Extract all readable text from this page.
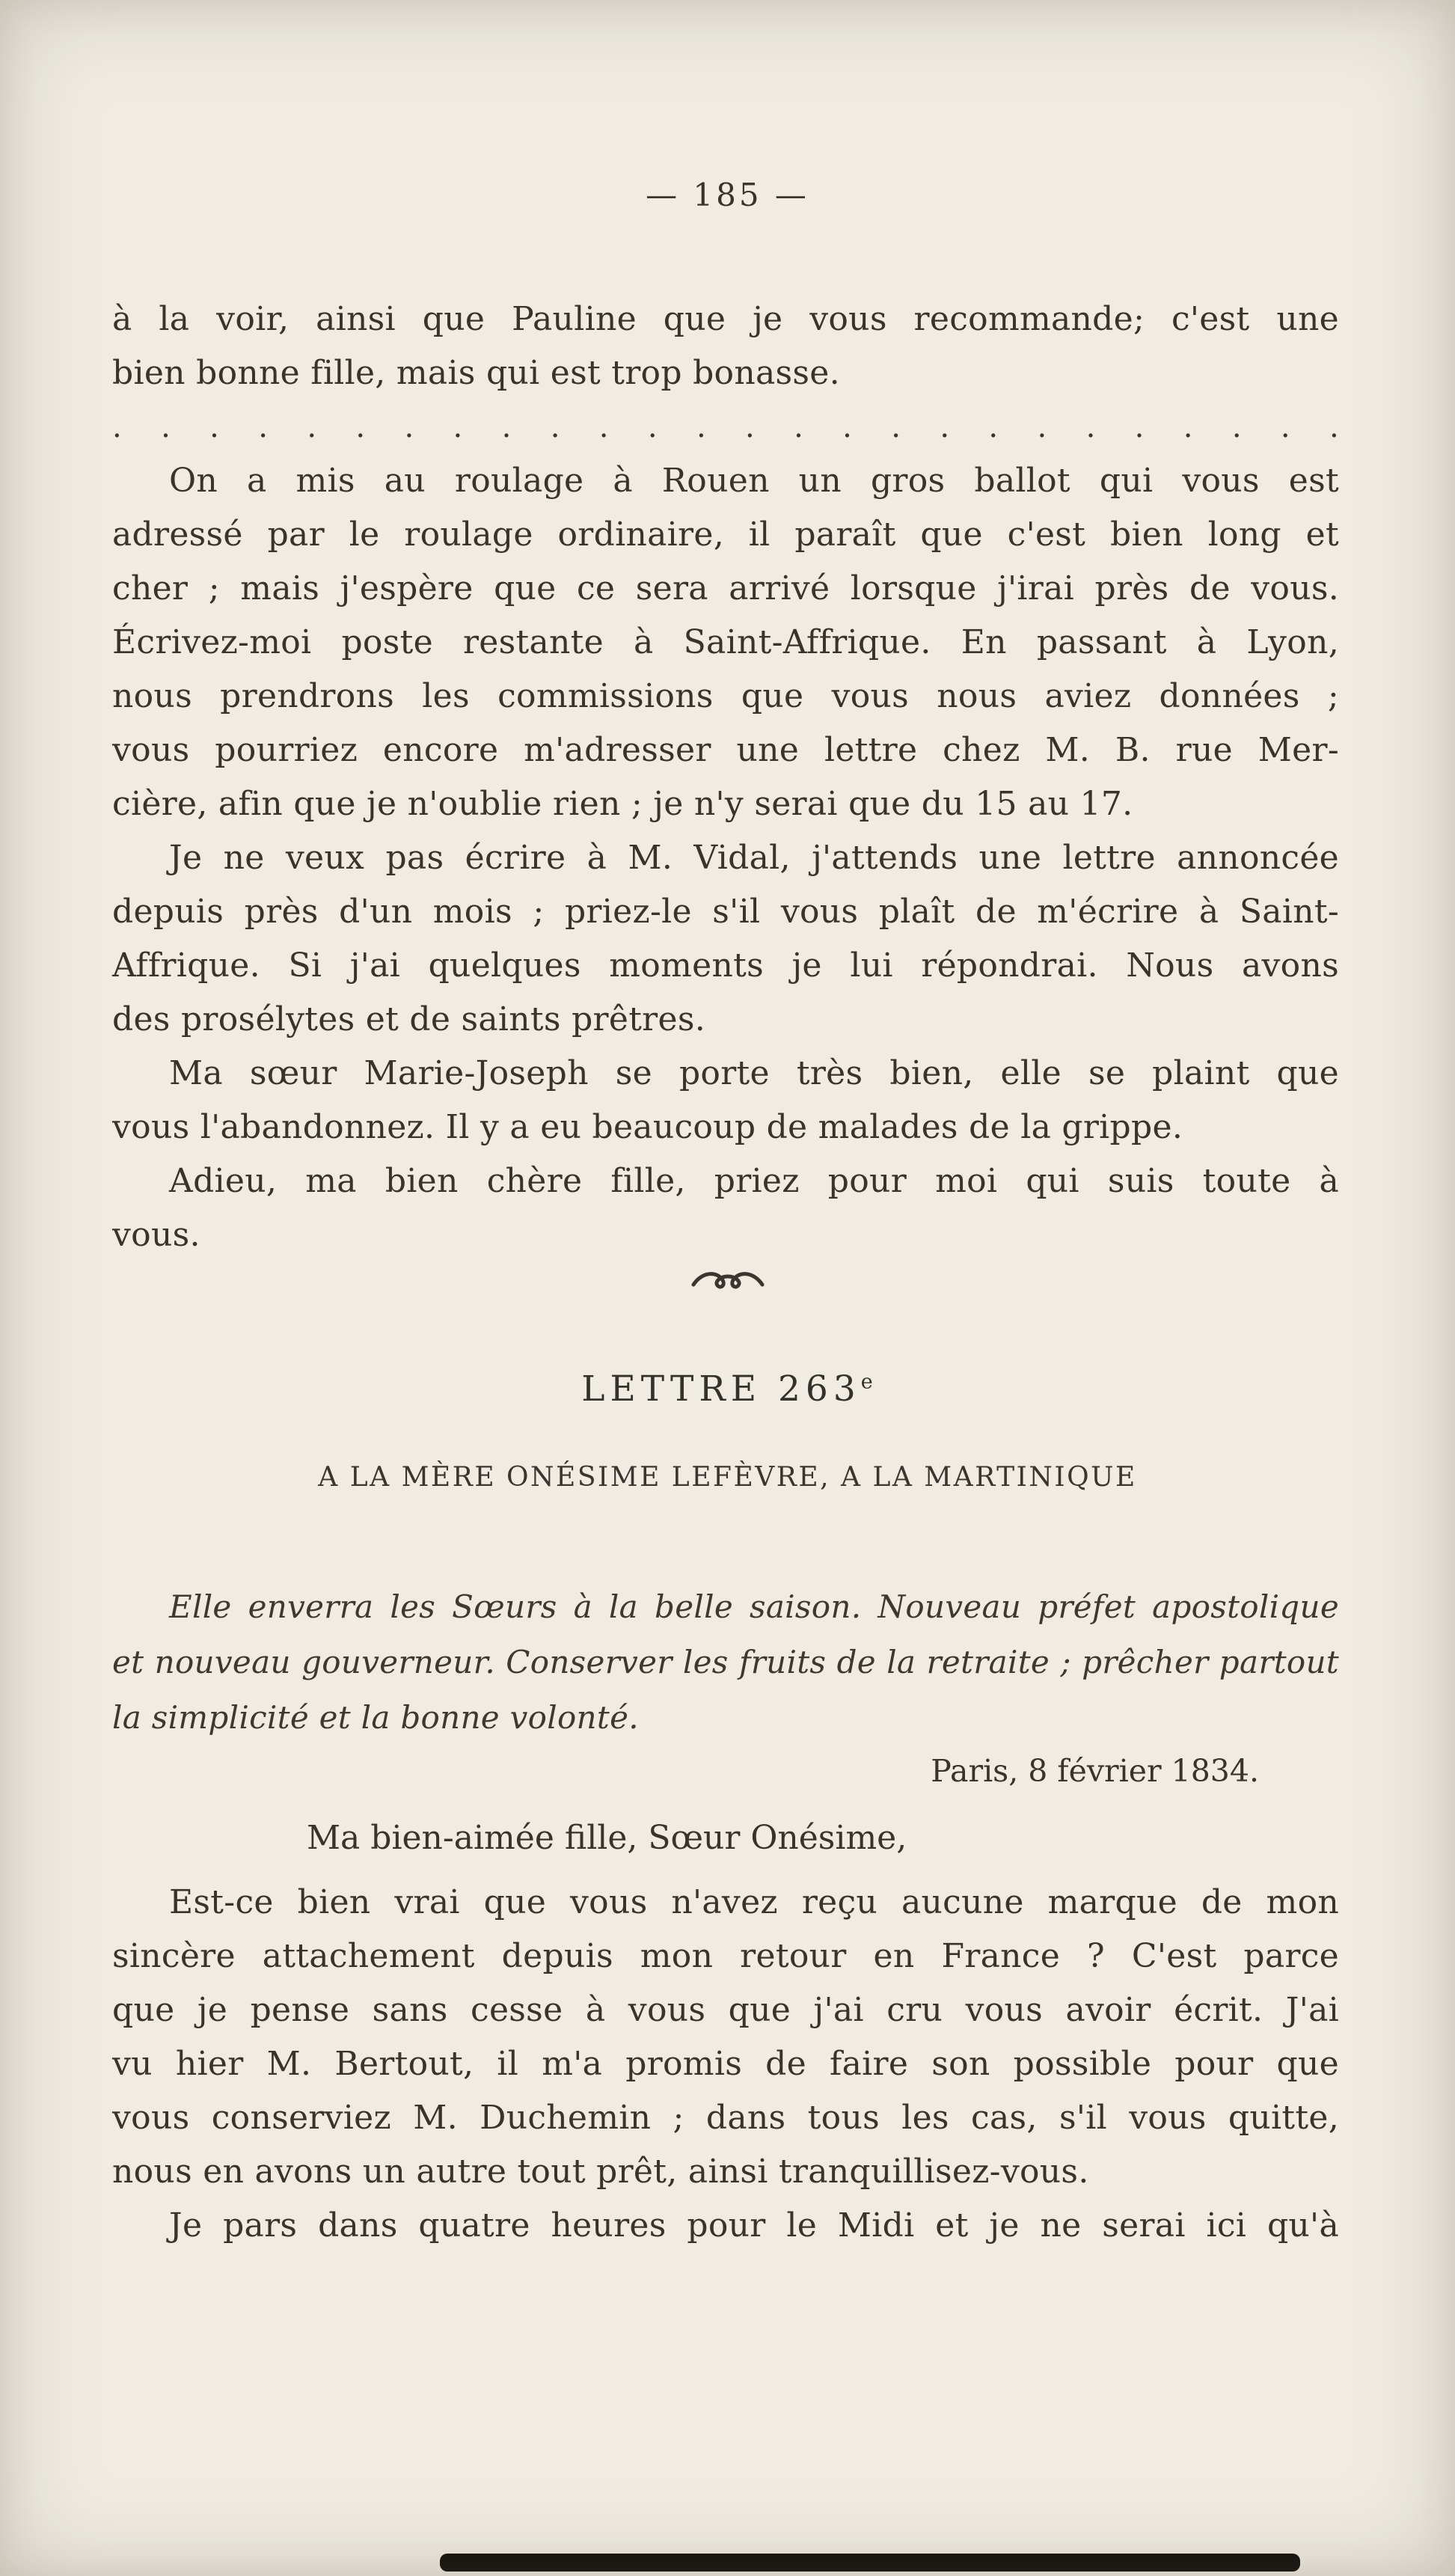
— 185 —
à la voir, ainsi que Pauline que je vous recommande; c'est une
bien bonne fille, mais qui est trop bonasse.
. . . . . . . . . . . . . . . . . . . . . . . . . .
On a mis au roulage à Rouen un gros ballot qui vous est
adressé par le roulage ordinaire, il paraît que c'est bien long et
cher ; mais j'espère que ce sera arrivé lorsque j'irai près de vous.
Écrivez-moi poste restante à Saint-Affrique. En passant à Lyon,
nous prendrons les commissions que vous nous aviez données ;
vous pourriez encore m'adresser une lettre chez M. B. rue Mer-
cière, afin que je n'oublie rien ; je n'y serai que du 15 au 17.
Je ne veux pas écrire à M. Vidal, j'attends une lettre annoncée
depuis près d'un mois ; priez-le s'il vous plaît de m'écrire à Saint-
Affrique. Si j'ai quelques moments je lui répondrai. Nous avons
des prosélytes et de saints prêtres.
Ma sœur Marie-Joseph se porte très bien, elle se plaint que
vous l'abandonnez. Il y a eu beaucoup de malades de la grippe.
Adieu, ma bien chère fille, priez pour moi qui suis toute à
vous.
LETTRE 263e
A LA MÈRE ONÉSIME LEFÈVRE, A LA MARTINIQUE
Elle enverra les Sœurs à la belle saison. Nouveau préfet apostolique
et nouveau gouverneur. Conserver les fruits de la retraite ; prêcher partout
la simplicité et la bonne volonté.
Paris, 8 février 1834.
Ma bien-aimée fille, Sœur Onésime,
Est-ce bien vrai que vous n'avez reçu aucune marque de mon
sincère attachement depuis mon retour en France ? C'est parce
que je pense sans cesse à vous que j'ai cru vous avoir écrit. J'ai
vu hier M. Bertout, il m'a promis de faire son possible pour que
vous conserviez M. Duchemin ; dans tous les cas, s'il vous quitte,
nous en avons un autre tout prêt, ainsi tranquillisez-vous.
Je pars dans quatre heures pour le Midi et je ne serai ici qu'à
